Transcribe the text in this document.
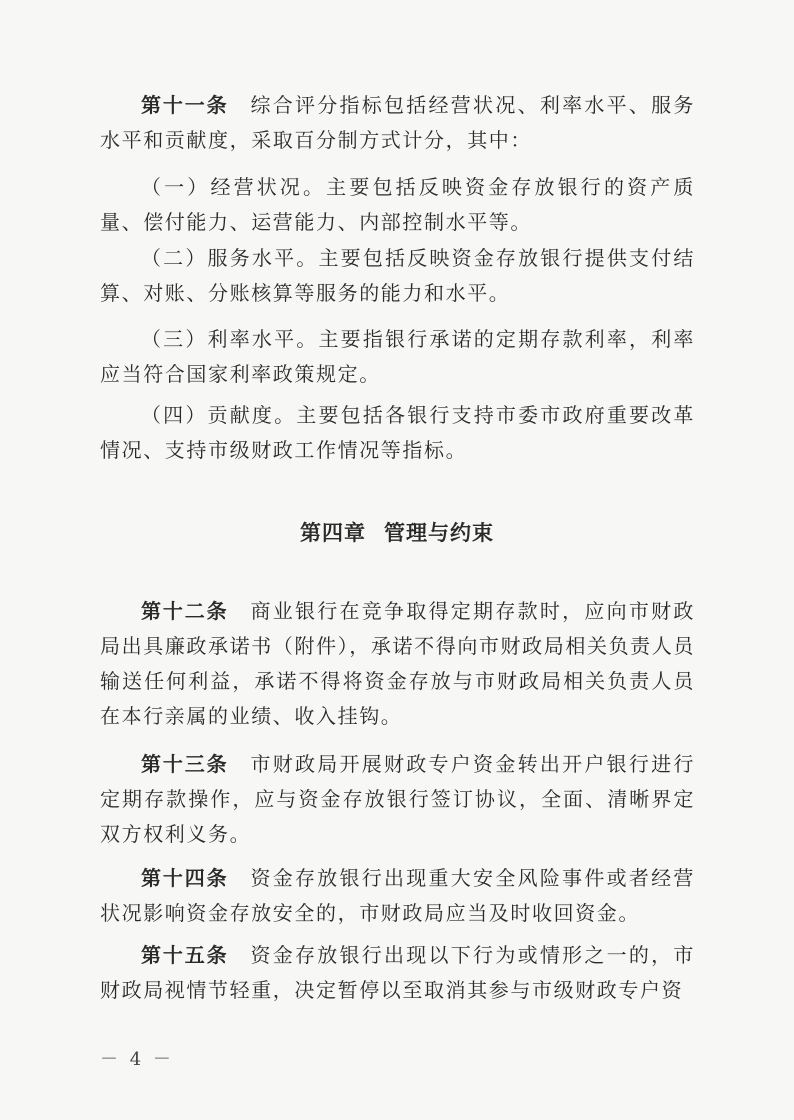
第十一条 综合评分指标包括经营状况、利率水平、服务水平和贡献度，采取百分制方式计分，其中：

（一）经营状况。主要包括反映资金存放银行的资产质量、偿付能力、运营能力、内部控制水平等。

（二）服务水平。主要包括反映资金存放银行提供支付结算、对账、分账核算等服务的能力和水平。

（三）利率水平。主要指银行承诺的定期存款利率，利率应当符合国家利率政策规定。

（四）贡献度。主要包括各银行支持市委市政府重要改革情况、支持市级财政工作情况等指标。

第四章 管理与约束

第十二条 商业银行在竞争取得定期存款时，应向市财政局出具廉政承诺书（附件），承诺不得向市财政局相关负责人员输送任何利益，承诺不得将资金存放与市财政局相关负责人员在本行亲属的业绩、收入挂钩。

第十三条 市财政局开展财政专户资金转出开户银行进行定期存款操作，应与资金存放银行签订协议，全面、清晰界定双方权利义务。

第十四条 资金存放银行出现重大安全风险事件或者经营状况影响资金存放安全的，市财政局应当及时收回资金。

第十五条 资金存放银行出现以下行为或情形之一的，市财政局视情节轻重，决定暂停以至取消其参与市级财政专户资

－ 4 －
